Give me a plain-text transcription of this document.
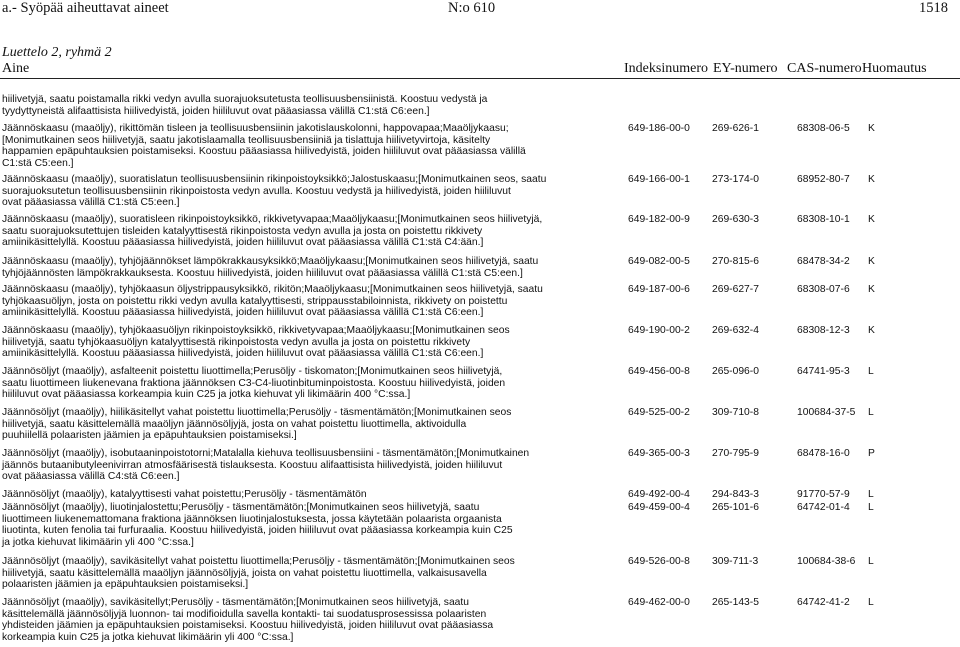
a.- Syöpää aiheuttavat aineet	N:o 610	1518
Luettelo 2, ryhmä 2
Aine	Indeksinumero EY-numero CAS-numero Huomautus
hiilivetyjä, saatu poistamalla rikki vedyn avulla suorajuoksutetusta teollisuusbensiinistä. Koostuu vedystä ja
tyydyttyneistä alifaattisista hiilivedyistä, joiden hiililuvut ovat pääasiassa välillä C1:stä C6:een.]
Jäännöskaasu (maaöljy), rikittömän tisleen ja teollisuusbensiinin jakotislauskolonni, happovapaa;Maaöljykaasu;
[Monimutkainen seos hiilivetyjä, saatu jakotislaamalla teollisuusbensiiniä ja tislattuja hiilivetyvirtoja, käsitelty
happamien epäpuhtauksien poistamiseksi. Koostuu pääasiassa hiilivedyistä, joiden hiililuvut ovat pääasiassa välillä
C1:stä C5:een.]
649-186-00-0 269-626-1	68308-06-5 K
Jäännöskaasu (maaöljy), suoratislatun teollisuusbensiinin rikinpoistoyksikkö;Jalostuskaasu;[Monimutkainen seos, saatu
suorajuoksutetun teollisuusbensiinin rikinpoistosta vedyn avulla. Koostuu vedystä ja hiilivedyistä, joiden hiililuvut
ovat pääasiassa välillä C1:stä C5:een.]
649-166-00-1 273-174-0	68952-80-7 K
Jäännöskaasu (maaöljy), suoratisleen rikinpoistoyksikkö, rikkivetyvapaa;Maaöljykaasu;[Monimutkainen seos hiilivetyjä,
saatu suorajuoksutettujen tisleiden katalyyttisestä rikinpoistosta vedyn avulla ja josta on poistettu rikkivety
amiinikäsittelyllä. Koostuu pääasiassa hiilivedyistä, joiden hiililuvut ovat pääasiassa välillä C1:stä C4:ään.]
649-182-00-9 269-630-3	68308-10-1 K
Jäännöskaasu (maaöljy), tyhjöjäännökset lämpökrakkausyksikkö;Maaöljykaasu;[Monimutkainen seos hiilivetyjä, saatu
tyhjöjäännösten lämpökrakkauksesta. Koostuu hiilivedyistä, joiden hiililuvut ovat pääasiassa välillä C1:stä C5:een.]
649-082-00-5 270-815-6	68478-34-2 K
Jäännöskaasu (maaöljy), tyhjökaasun öljystrippausyksikkö, rikitön;Maaöljykaasu;[Monimutkainen seos hiilivetyjä, saatu
tyhjökaasuöljyn, josta on poistettu rikki vedyn avulla katalyyttisesti, strippausstabiloinnista, rikkivety on poistettu
amiinikäsittelyllä. Koostuu pääasiassa hiilivedyistä, joiden hiililuvut ovat pääasiassa välillä C1:stä C6:een.]
649-187-00-6 269-627-7	68308-07-6 K
Jäännöskaasu (maaöljy), tyhjökaasuöljyn rikinpoistoyksikkö, rikkivetyvapaa;Maaöljykaasu;[Monimutkainen seos
hiilivetyjä, saatu tyhjökaasuöljyn katalyyttisestä rikinpoistosta vedyn avulla ja josta on poistettu rikkivety
amiinikäsittelyllä. Koostuu pääasiassa hiilivedyistä, joiden hiililuvut ovat pääasiassa välillä C1:stä C6:een.]
649-190-00-2 269-632-4	68308-12-3 K
Jäännösöljyt (maaöljy), asfalteenit poistettu liuottimella;Perusöljy - tiskomaton;[Monimutkainen seos hiilivetyjä,
saatu liuottimeen liukenevana fraktiona jäännöksen C3-C4-liuotinbituminpoistosta. Koostuu hiilivedyistä, joiden
hiililuvut ovat pääasiassa korkeampia kuin C25 ja jotka kiehuvat yli likimäärin 400 °C:ssa.]
649-456-00-8 265-096-0	64741-95-3 L
Jäännösöljyt (maaöljy), hiilikäsitellyt vahat poistettu liuottimella;Perusöljy - täsmentämätön;[Monimutkainen seos
hiilivetyjä, saatu käsittelemällä maaöljyn jäännösöljyjä, josta on vahat poistettu liuottimella, aktivoidulla
puuhiilellä polaaristen jäämien ja epäpuhtauksien poistamiseksi.]
649-525-00-2 309-710-8	100684-37-5 L
Jäännösöljyt (maaöljy), isobutaaninpoistotorni;Matalalla kiehuva teollisuusbensiini - täsmentämätön;[Monimutkainen
jäännös butaanibutyleenivirran atmosfäärisestä tislauksesta. Koostuu alifaattisista hiilivedyistä, joiden hiililuvut
ovat pääasiassa välillä C4:stä C6:een.]
649-365-00-3 270-795-9	68478-16-0 P
Jäännösöljyt (maaöljy), katalyyttisesti vahat poistettu;Perusöljy - täsmentämätön	649-492-00-4 294-843-3	91770-57-9 L
Jäännösöljyt (maaöljy), liuotinjalostettu;Perusöljy - täsmentämätön;[Monimutkainen seos hiilivetyjä, saatu
liuottimeen liukenemattomana fraktiona jäännöksen liuotinjalostuksesta, jossa käytetään polaarista orgaanista
liuotinta, kuten fenolia tai furfuraalia. Koostuu hiilivedyistä, joiden hiililuvut ovat pääasiassa korkeampia kuin C25
ja jotka kiehuvat likimäärin yli 400 °C:ssa.]
649-459-00-4 265-101-6	64742-01-4 L
Jäännösöljyt (maaöljy), savikäsitellyt vahat poistettu liuottimella;Perusöljy - täsmentämätön;[Monimutkainen seos
hiilivetyjä, saatu käsittelemällä maaöljyn jäännösöljyjä, joista on vahat poistettu liuottimella, valkaisusavella
polaaristen jäämien ja epäpuhtauksien poistamiseksi.]
649-526-00-8 309-711-3	100684-38-6 L
Jäännösöljyt (maaöljy), savikäsitellyt;Perusöljy - täsmentämätön;[Monimutkainen seos hiilivetyjä, saatu
käsittelemällä jäännösöljyjä luonnon- tai modifioidulla savella kontakti- tai suodatusprosessissa polaaristen
yhdisteiden jäämien ja epäpuhtauksien poistamiseksi. Koostuu hiilivedyistä, joiden hiililuvut ovat pääasiassa
korkeampia kuin C25 ja jotka kiehuvat likimäärin yli 400 °C:ssa.]
649-462-00-0 265-143-5	64742-41-2 L
